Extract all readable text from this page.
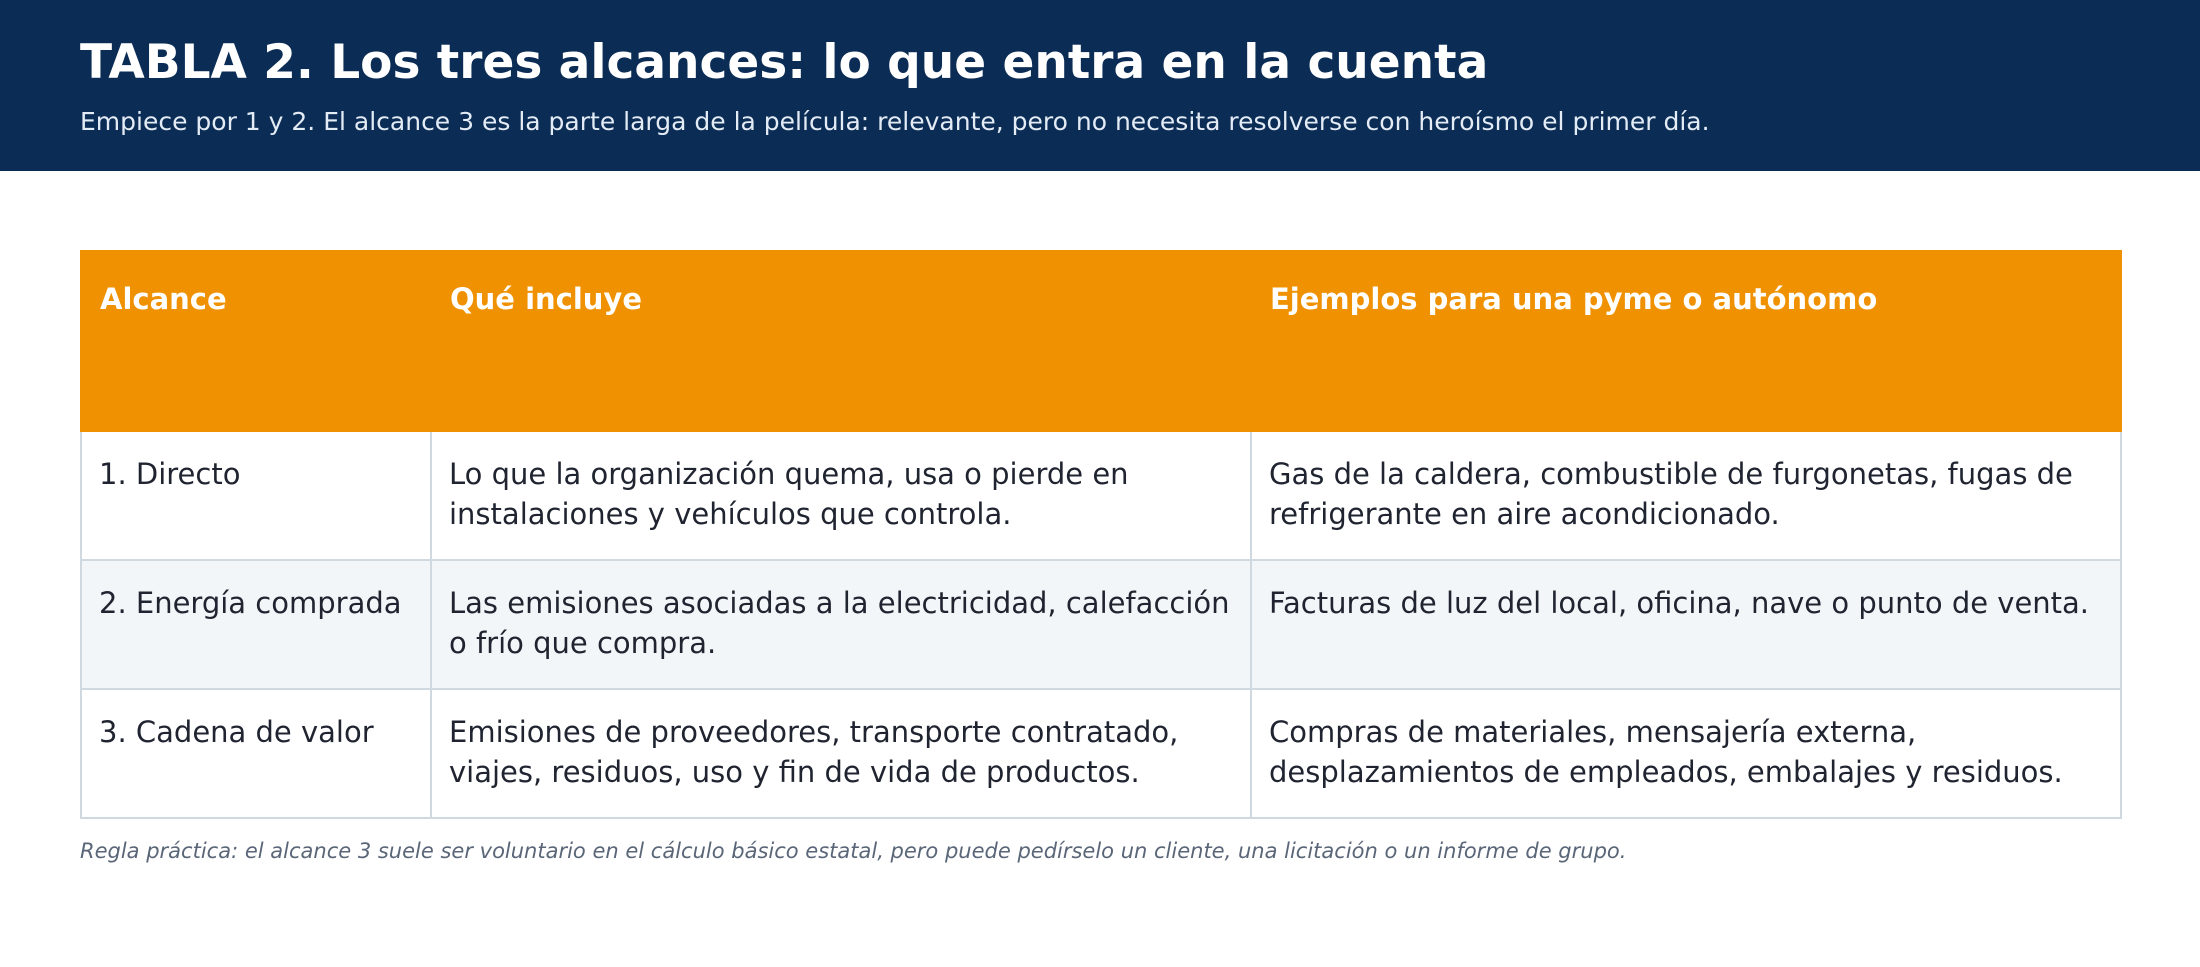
TABLA 2. Los tres alcances: lo que entra en la cuenta

Empiece por 1 y 2. El alcance 3 es la parte larga de la película: relevante, pero no necesita resolverse con heroísmo el primer día.

Alcance	Qué incluye	Ejemplos para una pyme o autónomo
1. Directo	Lo que la organización quema, usa o pierde en instalaciones y vehículos que controla.	Gas de la caldera, combustible de furgonetas, fugas de refrigerante en aire acondicionado.
2. Energía comprada	Las emisiones asociadas a la electricidad, calefacción o frío que compra.	Facturas de luz del local, oficina, nave o punto de venta.
3. Cadena de valor	Emisiones de proveedores, transporte contratado, viajes, residuos, uso y fin de vida de productos.	Compras de materiales, mensajería externa, desplazamientos de empleados, embalajes y residuos.

Regla práctica: el alcance 3 suele ser voluntario en el cálculo básico estatal, pero puede pedírselo un cliente, una licitación o un informe de grupo.
